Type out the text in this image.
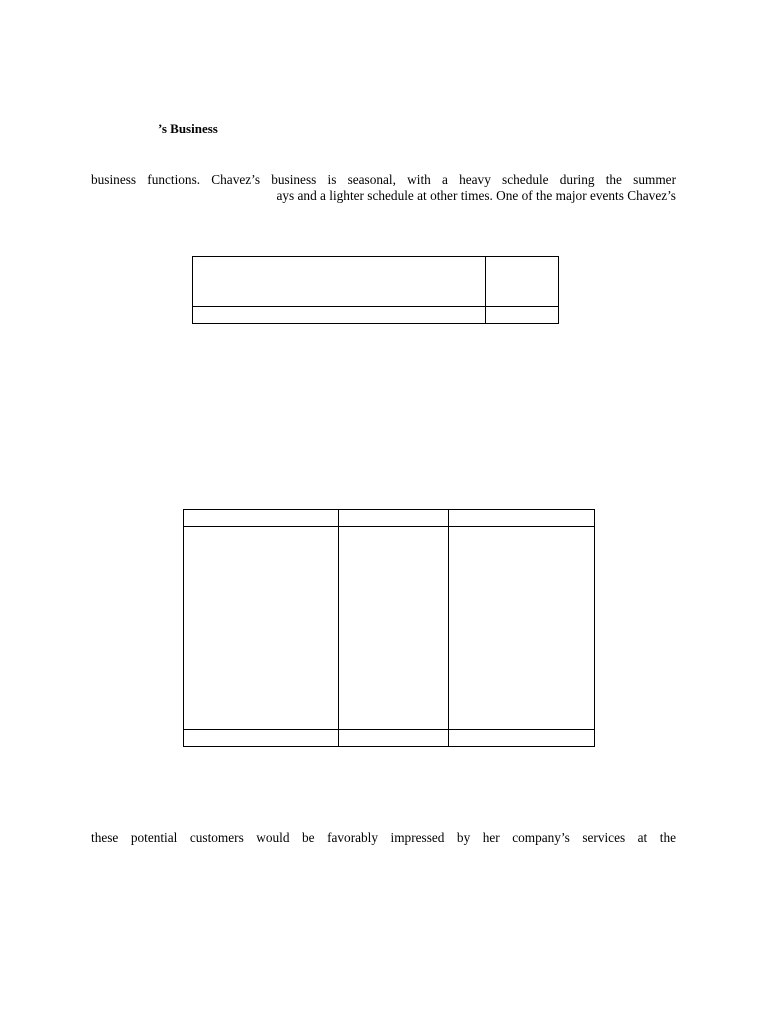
’s Business
business functions. Chavez’s business is seasonal, with a heavy schedule during the summer
ays and a lighter schedule at other times. One of the major events Chavez’s

these potential customers would be favorably impressed by her company’s services at the
